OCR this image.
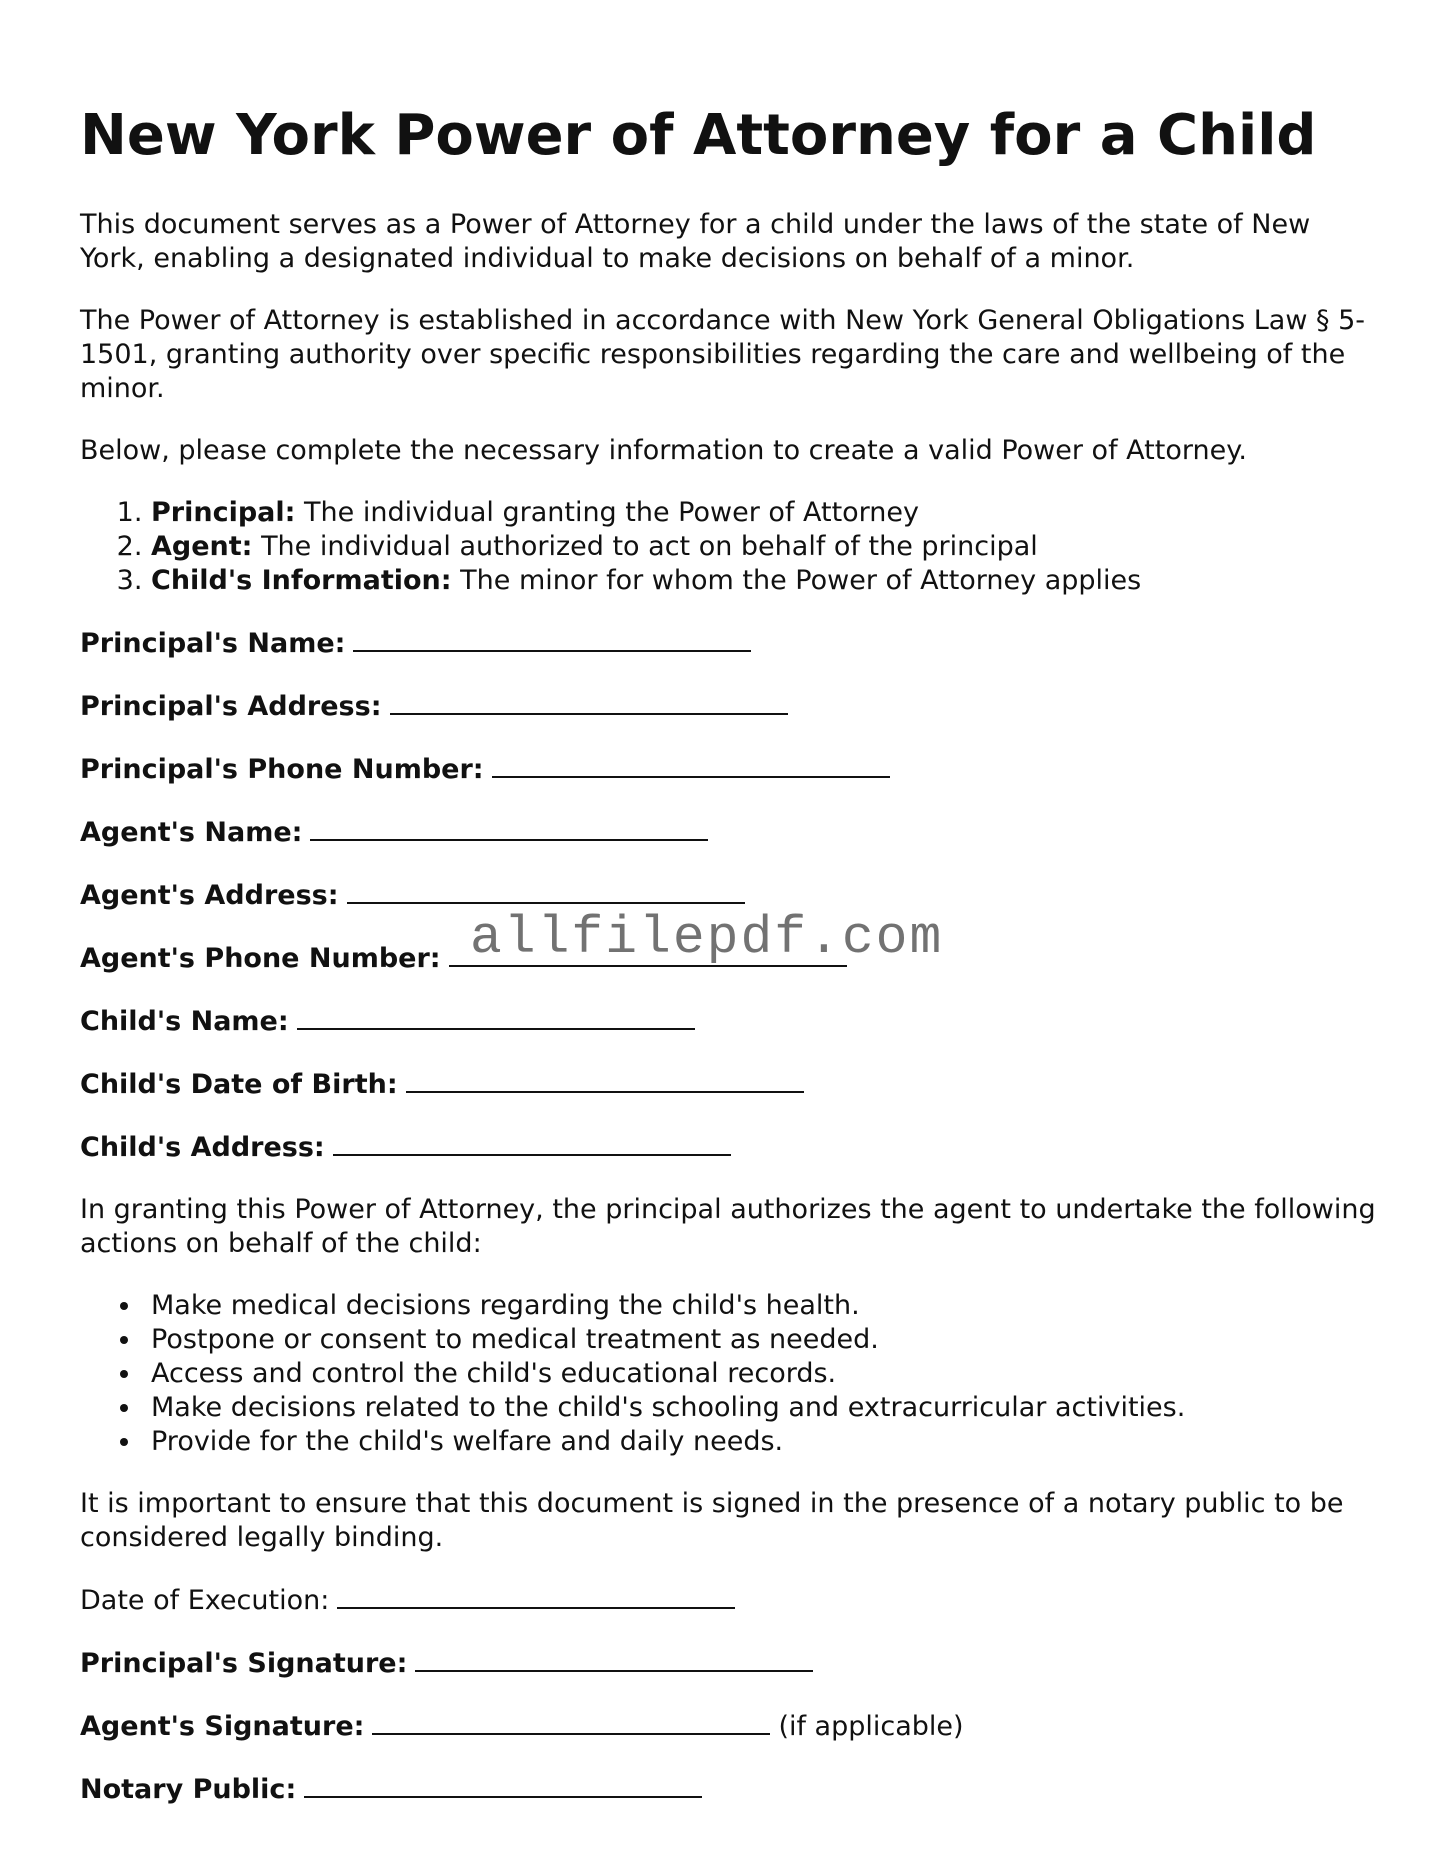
New York Power of Attorney for a Child

This document serves as a Power of Attorney for a child under the laws of the state of New York, enabling a designated individual to make decisions on behalf of a minor.

The Power of Attorney is established in accordance with New York General Obligations Law § 5-1501, granting authority over specific responsibilities regarding the care and wellbeing of the minor.

Below, please complete the necessary information to create a valid Power of Attorney.

1. Principal: The individual granting the Power of Attorney
2. Agent: The individual authorized to act on behalf of the principal
3. Child's Information: The minor for whom the Power of Attorney applies
Principal's Name:
Principal's Address:
Principal's Phone Number:
Agent's Name:
Agent's Address:
Agent's Phone Number:
Child's Name:
Child's Date of Birth:
Child's Address:

In granting this Power of Attorney, the principal authorizes the agent to undertake the following actions on behalf of the child:

Make medical decisions regarding the child's health.
Postpone or consent to medical treatment as needed.
Access and control the child's educational records.
Make decisions related to the child's schooling and extracurricular activities.
Provide for the child's welfare and daily needs.

It is important to ensure that this document is signed in the presence of a notary public to be considered legally binding.

Date of Execution:
Principal's Signature:
Agent's Signature:	(if applicable)
Notary Public:
allfilepdf.com
